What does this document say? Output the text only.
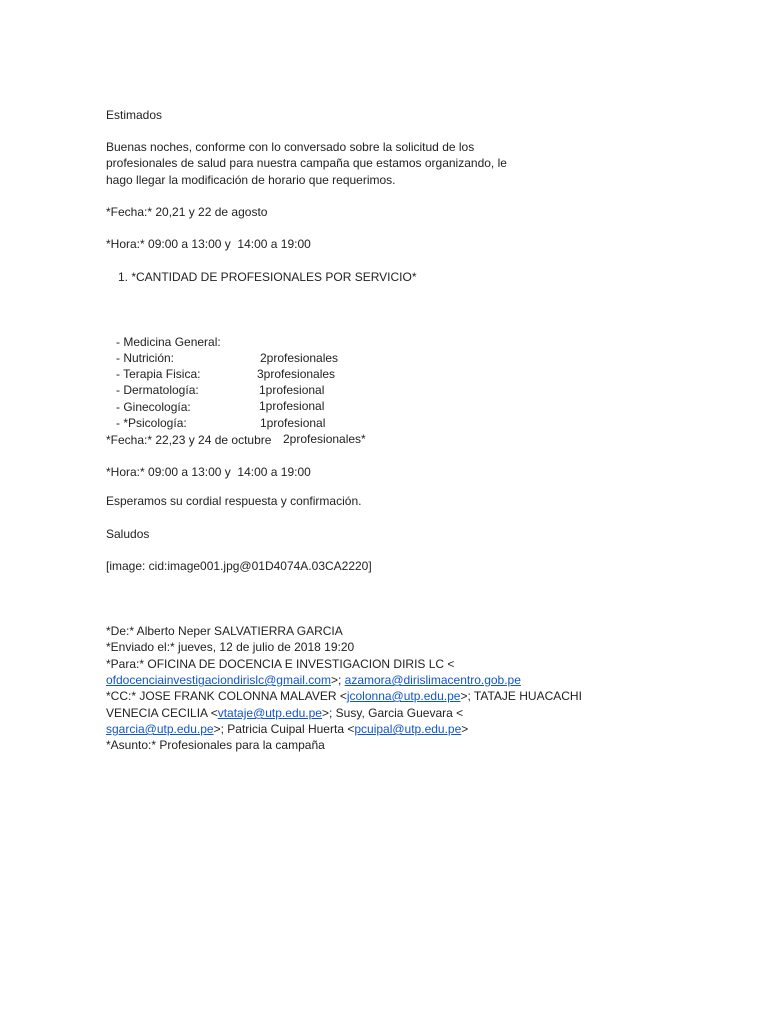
Estimados
Buenas noches, conforme con lo conversado sobre la solicitud de los
profesionales de salud para nuestra campaña que estamos organizando, le
hago llegar la modificación de horario que requerimos.
*Fecha:* 20,21 y 22 de agosto
*Hora:* 09:00 a 13:00 y  14:00 a 19:00
1. *CANTIDAD DE PROFESIONALES POR SERVICIO*

- Medicina General:

2profesionales

- Nutrición:

3profesionales

- Terapia Fisica:

1profesional

- Dermatología:

1profesional

- Ginecología:

1profesional

- *Psicología:

2profesionales*

*Fecha:* 22,23 y 24 de octubre
*Hora:* 09:00 a 13:00 y  14:00 a 19:00
Esperamos su cordial respuesta y confirmación.
Saludos
[image: cid:image001.jpg@01D4074A.03CA2220]
*De:* Alberto Neper SALVATIERRA GARCIA
*Enviado el:* jueves, 12 de julio de 2018 19:20
*Para:* OFICINA DE DOCENCIA E INVESTIGACION DIRIS LC <
ofdocenciainvestigaciondirislc@gmail.com>; azamora@dirislimacentro.gob.pe
*CC:* JOSE FRANK COLONNA MALAVER <jcolonna@utp.edu.pe>; TATAJE HUACACHI
VENECIA CECILIA <vtataje@utp.edu.pe>; Susy, Garcia Guevara <
sgarcia@utp.edu.pe>; Patricia Cuipal Huerta <pcuipal@utp.edu.pe>
*Asunto:* Profesionales para la campaña
